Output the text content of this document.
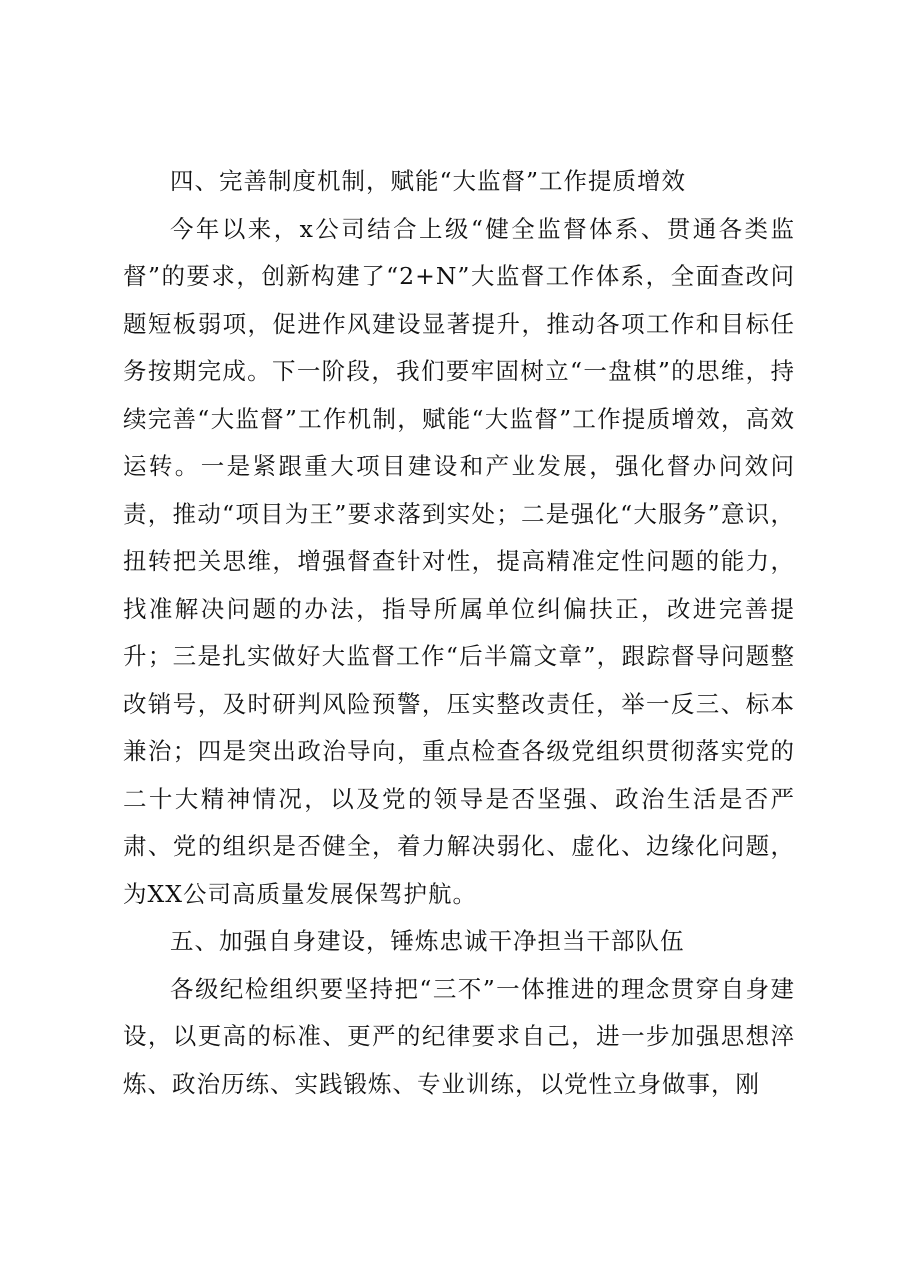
四、完善制度机制，赋能“大监督”工作提质增效

今年以来，x公司结合上级“健全监督体系、贯通各类监督”的要求，创新构建了“2+N”大监督工作体系，全面查改问题短板弱项，促进作风建设显著提升，推动各项工作和目标任务按期完成。下一阶段，我们要牢固树立“一盘棋”的思维，持续完善“大监督”工作机制，赋能“大监督”工作提质增效，高效运转。一是紧跟重大项目建设和产业发展，强化督办问效问责，推动“项目为王”要求落到实处；二是强化“大服务”意识，扭转把关思维，增强督查针对性，提高精准定性问题的能力，找准解决问题的办法，指导所属单位纠偏扶正，改进完善提升；三是扎实做好大监督工作“后半篇文章”，跟踪督导问题整改销号，及时研判风险预警，压实整改责任，举一反三、标本兼治；四是突出政治导向，重点检查各级党组织贯彻落实党的二十大精神情况，以及党的领导是否坚强、政治生活是否严肃、党的组织是否健全，着力解决弱化、虚化、边缘化问题，为XX公司高质量发展保驾护航。

五、加强自身建设，锤炼忠诚干净担当干部队伍

各级纪检组织要坚持把“三不”一体推进的理念贯穿自身建设，以更高的标准、更严的纪律要求自己，进一步加强思想淬炼、政治历练、实践锻炼、专业训练，以党性立身做事，刚
